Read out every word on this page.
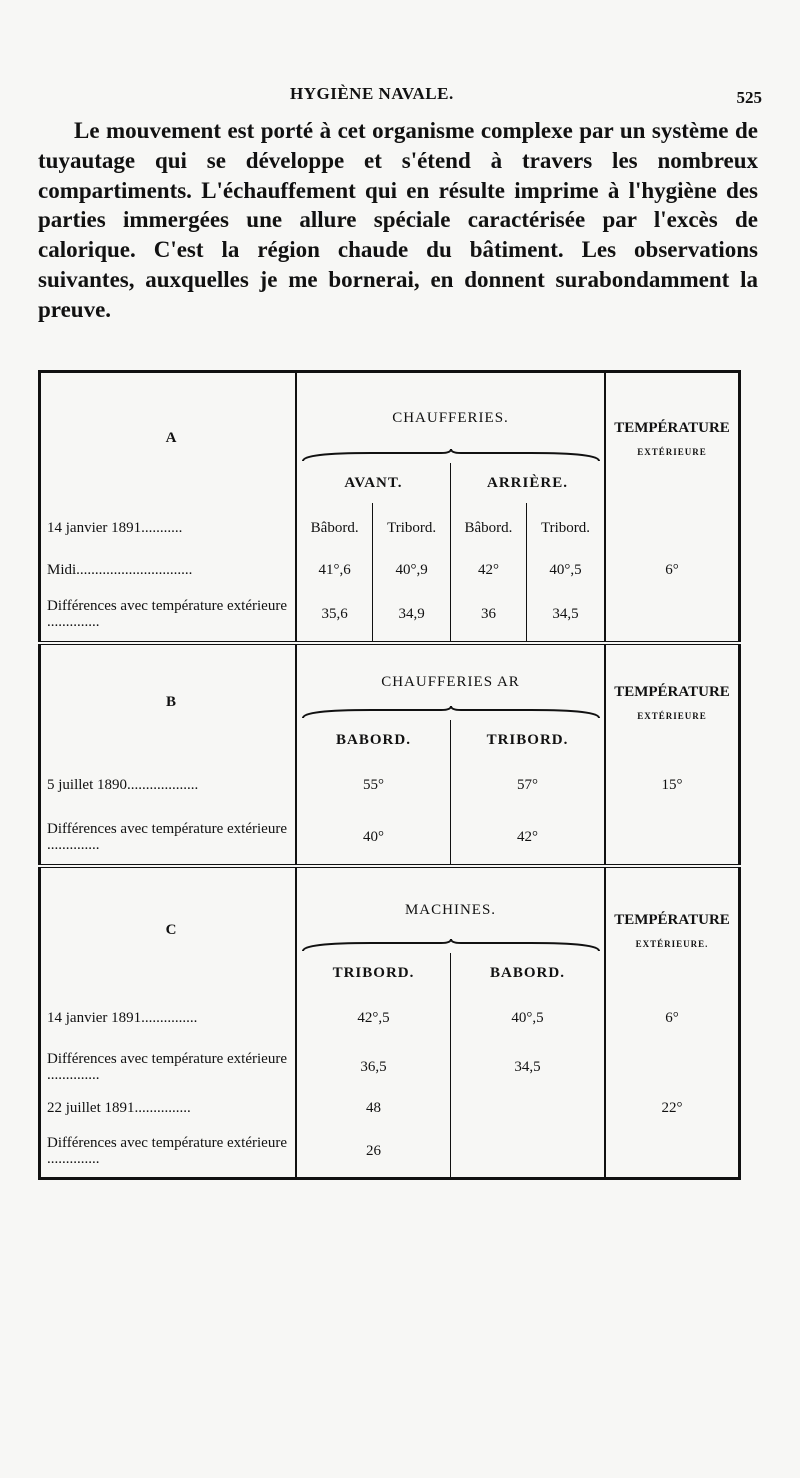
HYGIÈNE NAVALE.	525
Le mouvement est porté à cet organisme complexe par un système de tuyautage qui se développe et s'étend à travers les nombreux compartiments. L'échauffement qui en résulte imprime à l'hygiène des parties immergées une allure spéciale caractérisée par l'excès de calorique. C'est la région chaude du bâtiment. Les observations suivantes, auxquelles je me bornerai, en donnent surabondamment la preuve.
A	CHAUFFERIES.				TEMPÉRATURE
EXTÉRIEURE

	AVANT.		ARRIÈRE.		
14 janvier 1891...........	Bâbord.	Tribord.	Bâbord.	Tribord.	
Midi...............................	41°,6	40°,9	42°	40°,5	6°
Différences avec température extérieure ..............	35,6	34,9	36	34,5	

B	CHAUFFERIES AR				TEMPÉRATURE
EXTÉRIEURE

	BABORD.		TRIBORD.		
5 juillet 1890...................	55°		57°		15°
Différences avec température extérieure ..............	40°		42°		

C	MACHINES.				TEMPÉRATURE
EXTÉRIEURE.

	TRIBORD.		BABORD.		
14 janvier 1891...............	42°,5		40°,5		6°
Différences avec température extérieure ..............	36,5		34,5		
22 juillet 1891...............	48				22°
Différences avec température extérieure ..............	26				
